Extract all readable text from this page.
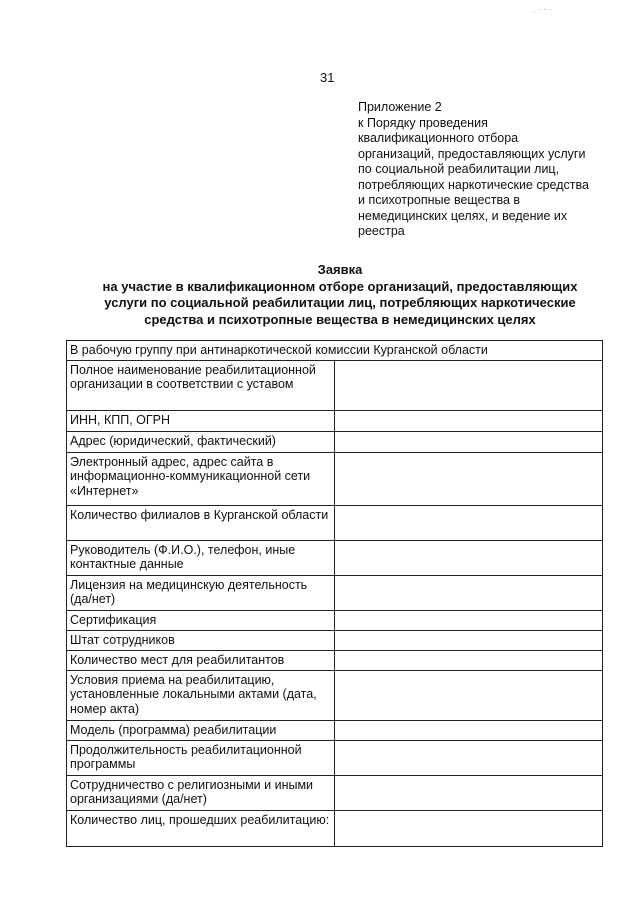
31
Приложение 2
к Порядку проведения
квалификационного отбора
организаций, предоставляющих услуги
по социальной реабилитации лиц,
потребляющих наркотические средства
и психотропные вещества в
немедицинских целях, и ведение их
реестра
Заявка
на участие в квалификационном отборе организаций, предоставляющих
услуги по социальной реабилитации лиц, потребляющих наркотические
средства и психотропные вещества в немедицинских целях
В рабочую группу при антинаркотической комиссии Курганской области	
Полное наименование реабилитационной организации в соответствии с уставом	
ИНН, КПП, ОГРН	
Адрес (юридический, фактический)	
Электронный адрес, адрес сайта в информационно-коммуникационной сети «Интернет»	
Количество филиалов в Курганской области	
Руководитель (Ф.И.О.), телефон, иные контактные данные	
Лицензия на медицинскую деятельность (да/нет)	
Сертификация	
Штат сотрудников	
Количество мест для реабилитантов	
Условия приема на реабилитацию, установленные локальными актами (дата, номер акта)	
Модель (программа) реабилитации	
Продолжительность реабилитационной программы	
Сотрудничество с религиозными и иными организациями (да/нет)	
Количество лиц, прошедших реабилитацию:	
. · - ·
